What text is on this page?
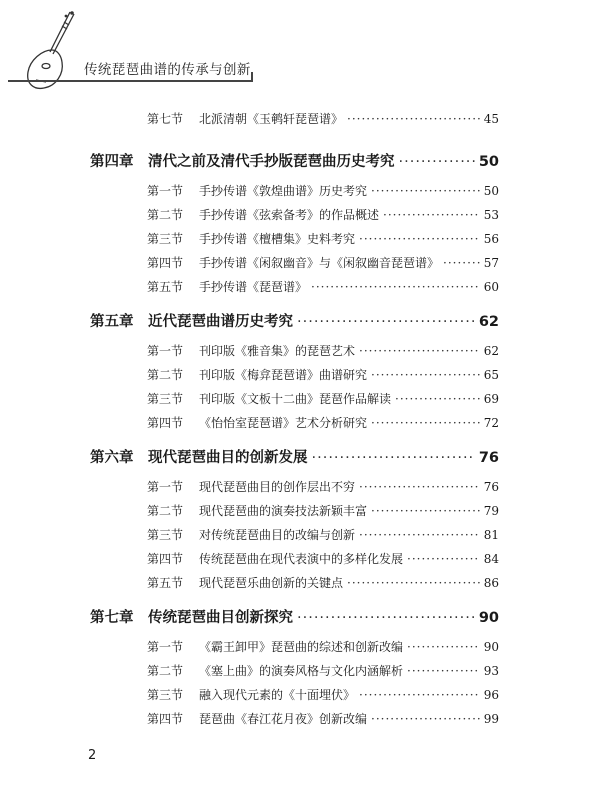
传统琵琶曲谱的传承与创新
第七节 北派清朝《玉鹌轩琵琶谱》 ·····	45
第四章 清代之前及清代手抄版琵琶曲历史考究 ·····	50
第一节 手抄传谱《敦煌曲谱》历史考究 ·····	50
第二节 手抄传谱《弦索备考》的作品概述 ·····	53
第三节 手抄传谱《檀槽集》史料考究 ·····	56
第四节 手抄传谱《闲叙幽音》与《闲叙幽音琵琶谱》 ·····	57
第五节 手抄传谱《琵琶谱》 ·····	60
第五章 近代琵琶曲谱历史考究 ·····	62
第一节 刊印版《雅音集》的琵琶艺术 ·····	62
第二节 刊印版《梅弇琵琶谱》曲谱研究 ·····	65
第三节 刊印版《文板十二曲》琵琶作品解读 ·····	69
第四节 《怡怡室琵琶谱》艺术分析研究 ·····	72
第六章 现代琵琶曲目的创新发展 ·····	76
第一节 现代琵琶曲目的创作层出不穷 ·····	76
第二节 现代琵琶曲的演奏技法新颖丰富 ·····	79
第三节 对传统琵琶曲目的改编与创新 ·····	81
第四节 传统琵琶曲在现代表演中的多样化发展 ·····	84
第五节 现代琵琶乐曲创新的关键点 ·····	86
第七章 传统琵琶曲目创新探究 ·····	90
第一节 《霸王卸甲》琵琶曲的综述和创新改编 ·····	90
第二节 《塞上曲》的演奏风格与文化内涵解析 ·····	93
第三节 融入现代元素的《十面埋伏》 ·····	96
第四节 琵琶曲《春江花月夜》创新改编 ·····	99
2
